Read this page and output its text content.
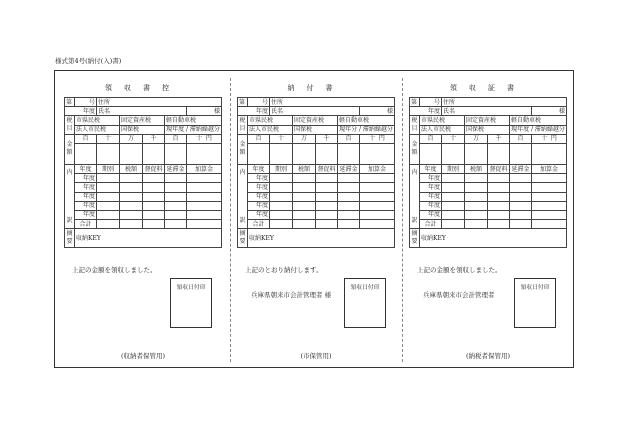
様式第4号(納付(入)書)
領収書控
第	号	住所				
年度		氏名				様
税目	市県民税		固定資産税		軽自動車税	
	法人市民税		国保税		現年度 / 滞納繰越分	
金額	百	十	万	千	百	十 円

内

訳	年度	期別	税額	督促料	延滞金	加算金
	年度					
	年度					
	年度					
	年度					
	年度					
	合計					
摘要	収納KEY					
上記の金額を領収しました。
領収日付印
(収納者保管用)
納付書
第	号	住所				
年度		氏名				様
税目	市県民税		固定資産税		軽自動車税	
	法人市民税		国保税		現年分 / 滞納繰越分	
金額	百	十	万	千	百	十 円

内

訳	年度	期別	税額	督促料	延滞金	加算金
	年度					
	年度					
	年度					
	年度					
	年度					
	合計					
摘要	収納KEY					
上記のとおり納付します。
兵庫県朝来市会計管理者 様
領収日付印
(市保管用)
領収証書
第	号	住所				
年度		氏名				様
税目	市県民税		固定資産税		軽自動車税	
	法人市民税		国保税		現年度 / 滞納繰越分	
金額	百	十	万	千	百	十 円

内

訳	年度	期別	税額	督促料	延滞金	加算金
	年度					
	年度					
	年度					
	年度					
	年度					
	合計					
摘要	収納KEY					
上記の金額を領収しました。
兵庫県朝来市会計管理者
領収日付印
(納税者保管用)
